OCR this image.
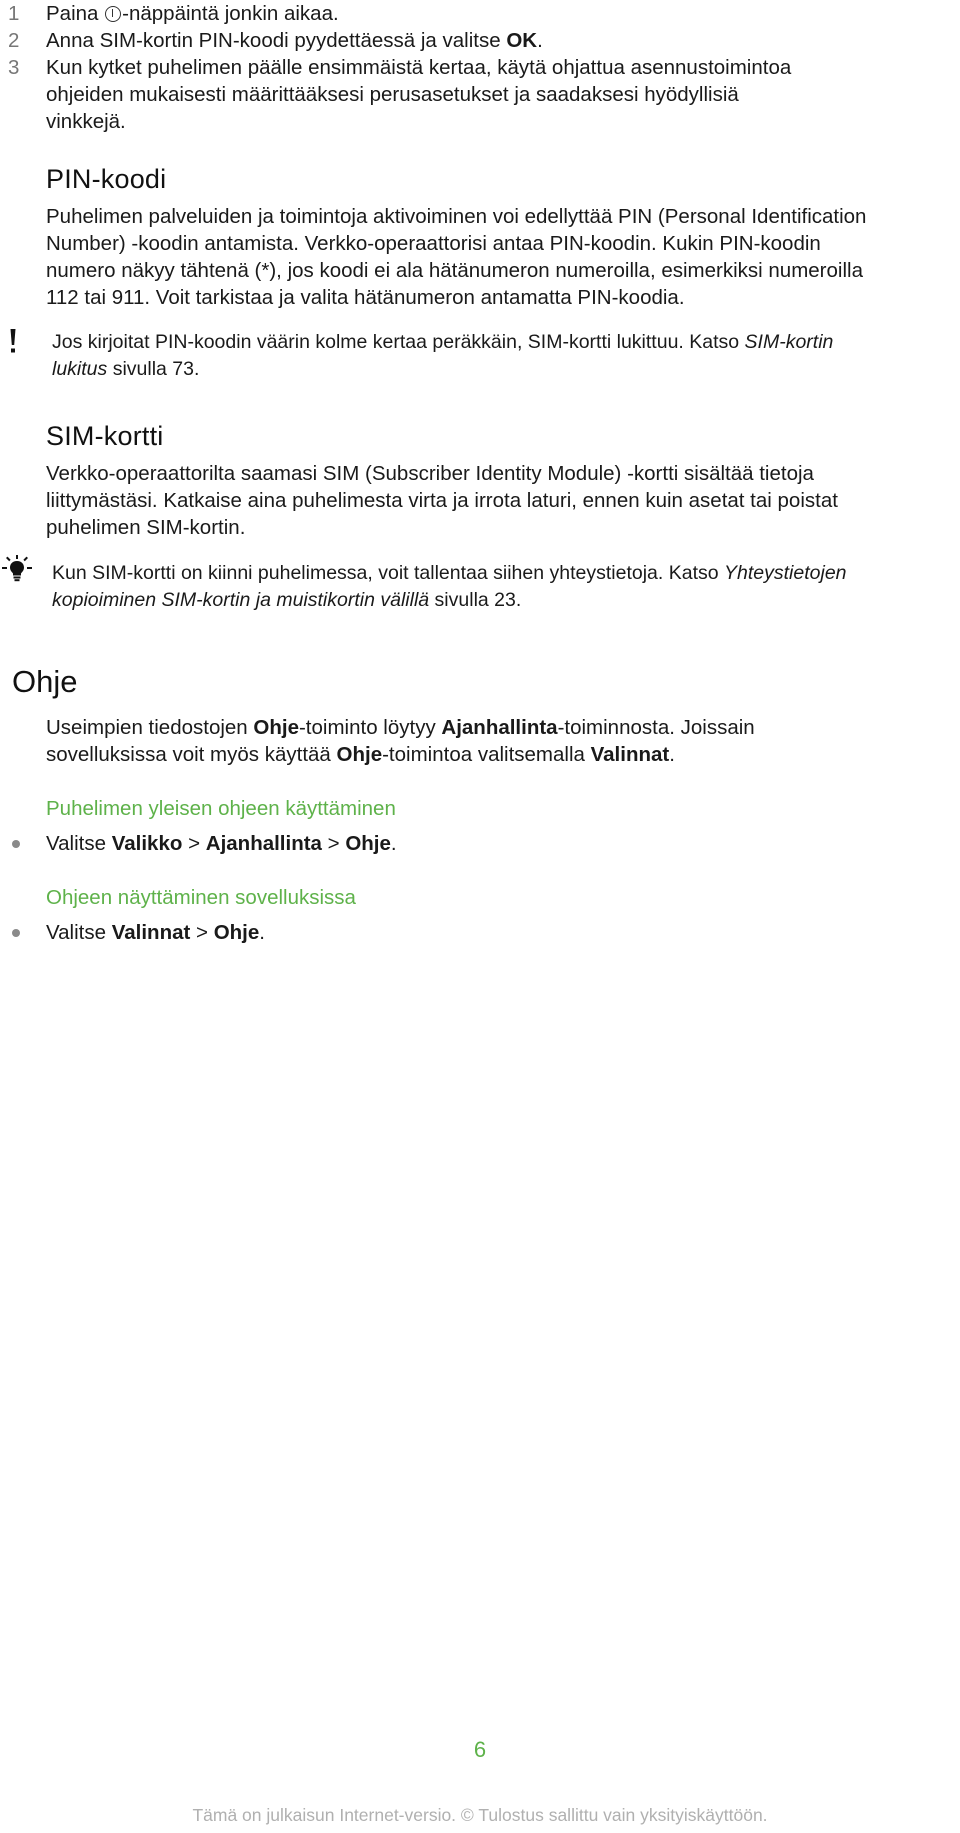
1 Paina -näppäintä jonkin aikaa.
2 Anna SIM-kortin PIN-koodi pyydettäessä ja valitse OK.
3 Kun kytket puhelimen päälle ensimmäistä kertaa, käytä ohjattua asennustoimintoa
ohjeiden mukaisesti määrittääksesi perusasetukset ja saadaksesi hyödyllisiä
vinkkejä.
PIN-koodi
Puhelimen palveluiden ja toimintoja aktivoiminen voi edellyttää PIN (Personal Identification
Number) -koodin antamista. Verkko-operaattorisi antaa PIN-koodin. Kukin PIN-koodin
numero näkyy tähtenä (*), jos koodi ei ala hätänumeron numeroilla, esimerkiksi numeroilla
112 tai 911. Voit tarkistaa ja valita hätänumeron antamatta PIN-koodia.
Jos kirjoitat PIN-koodin väärin kolme kertaa peräkkäin, SIM-kortti lukittuu. Katso SIM-kortin
lukitus sivulla 73.
SIM-kortti
Verkko-operaattorilta saamasi SIM (Subscriber Identity Module) -kortti sisältää tietoja
liittymästäsi. Katkaise aina puhelimesta virta ja irrota laturi, ennen kuin asetat tai poistat
puhelimen SIM-kortin.
Kun SIM-kortti on kiinni puhelimessa, voit tallentaa siihen yhteystietoja. Katso Yhteystietojen
kopioiminen SIM-kortin ja muistikortin välillä sivulla 23.
Ohje
Useimpien tiedostojen Ohje-toiminto löytyy Ajanhallinta-toiminnosta. Joissain
sovelluksissa voit myös käyttää Ohje-toimintoa valitsemalla Valinnat.
Puhelimen yleisen ohjeen käyttäminen
Valitse Valikko > Ajanhallinta > Ohje.
Ohjeen näyttäminen sovelluksissa
Valitse Valinnat > Ohje.
6
Tämä on julkaisun Internet-versio. © Tulostus sallittu vain yksityiskäyttöön.
